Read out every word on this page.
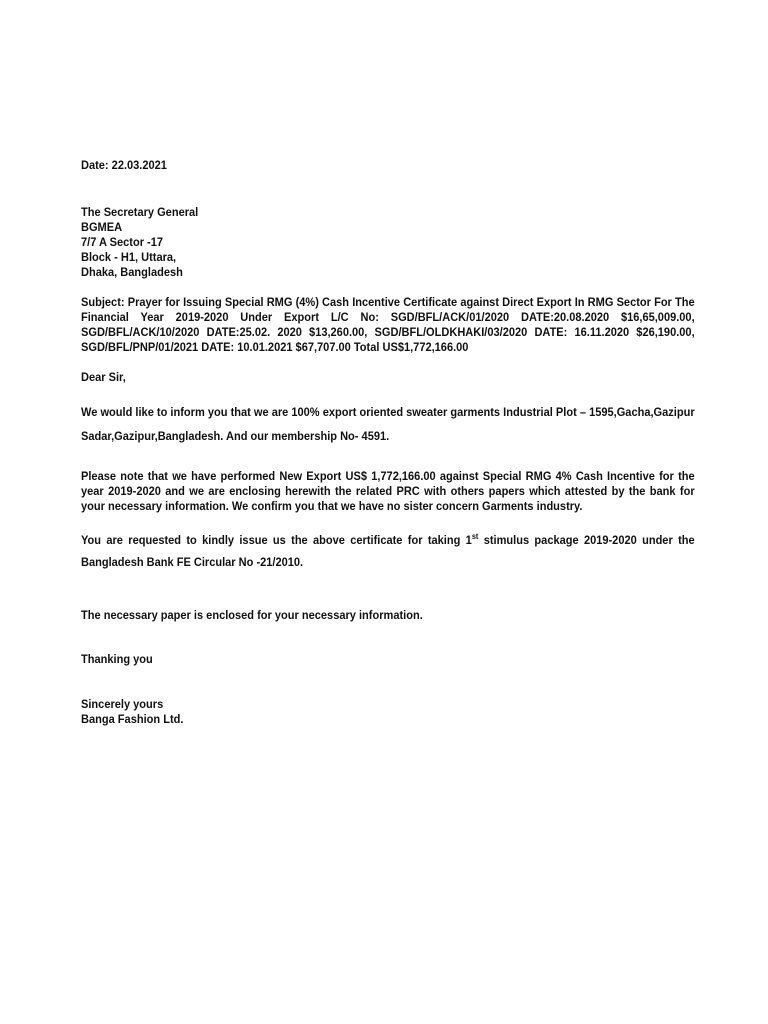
Date: 22.03.2021

The Secretary General
BGMEA
7/7 A Sector -17
Block - H1, Uttara,
Dhaka, Bangladesh

Subject: Prayer for Issuing Special RMG (4%) Cash Incentive Certificate against Direct Export In RMG Sector For The Financial Year 2019-2020 Under Export L/C No: SGD/BFL/ACK/01/2020 DATE:20.08.2020 $16,65,009.00, SGD/BFL/ACK/10/2020 DATE:25.02. 2020 $13,260.00, SGD/BFL/OLDKHAKI/03/2020 DATE: 16.11.2020 $26,190.00, SGD/BFL/PNP/01/2021 DATE: 10.01.2021 $67,707.00 Total US$1,772,166.00

Dear Sir,

We would like to inform you that we are 100% export oriented sweater garments Industrial Plot – 1595,Gacha,Gazipur Sadar,Gazipur,Bangladesh. And our membership No- 4591.

Please note that we have performed New Export US$ 1,772,166.00 against Special RMG 4% Cash Incentive for the year 2019-2020 and we are enclosing herewith the related PRC with others papers which attested by the bank for your necessary information. We confirm you that we have no sister concern Garments industry.

You are requested to kindly issue us the above certificate for taking 1st stimulus package 2019-2020 under the Bangladesh Bank FE Circular No -21/2010.

The necessary paper is enclosed for your necessary information.

Thanking you

Sincerely yours

Banga Fashion Ltd.
